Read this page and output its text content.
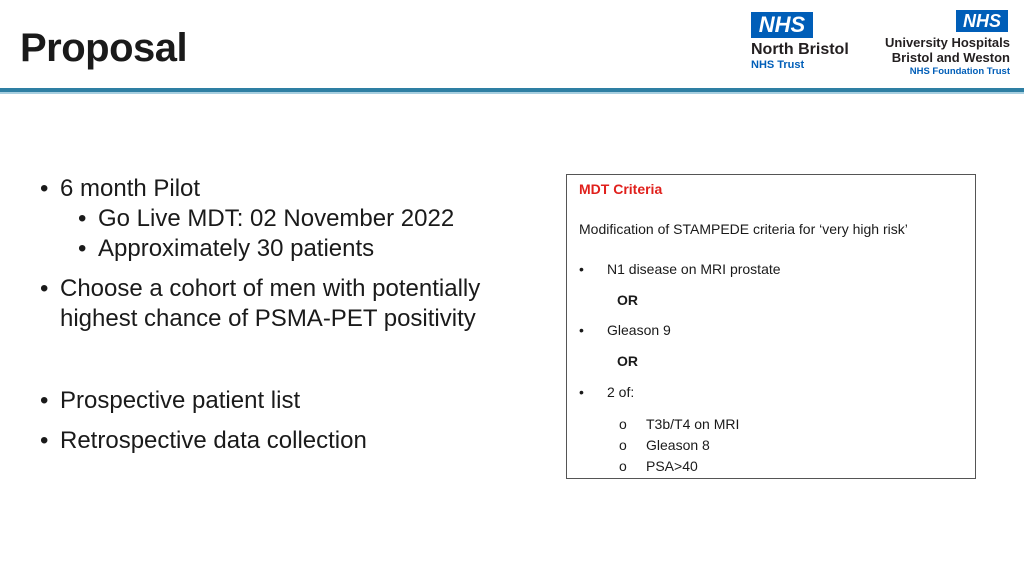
Proposal
NHS
North Bristol
NHS Trust
NHS
University Hospitals
Bristol and Weston
NHS Foundation Trust
• 6 month Pilot
• Go Live MDT: 02 November 2022
• Approximately 30 patients
• Choose a cohort of men with potentially highest chance of PSMA-PET positivity
• Prospective patient list
• Retrospective data collection
MDT Criteria
Modification of STAMPEDE criteria for ‘very high risk’
• N1 disease on MRI prostate
OR
• Gleason 9
OR
• 2 of:
o T3b/T4 on MRI
o Gleason 8
o PSA>40
